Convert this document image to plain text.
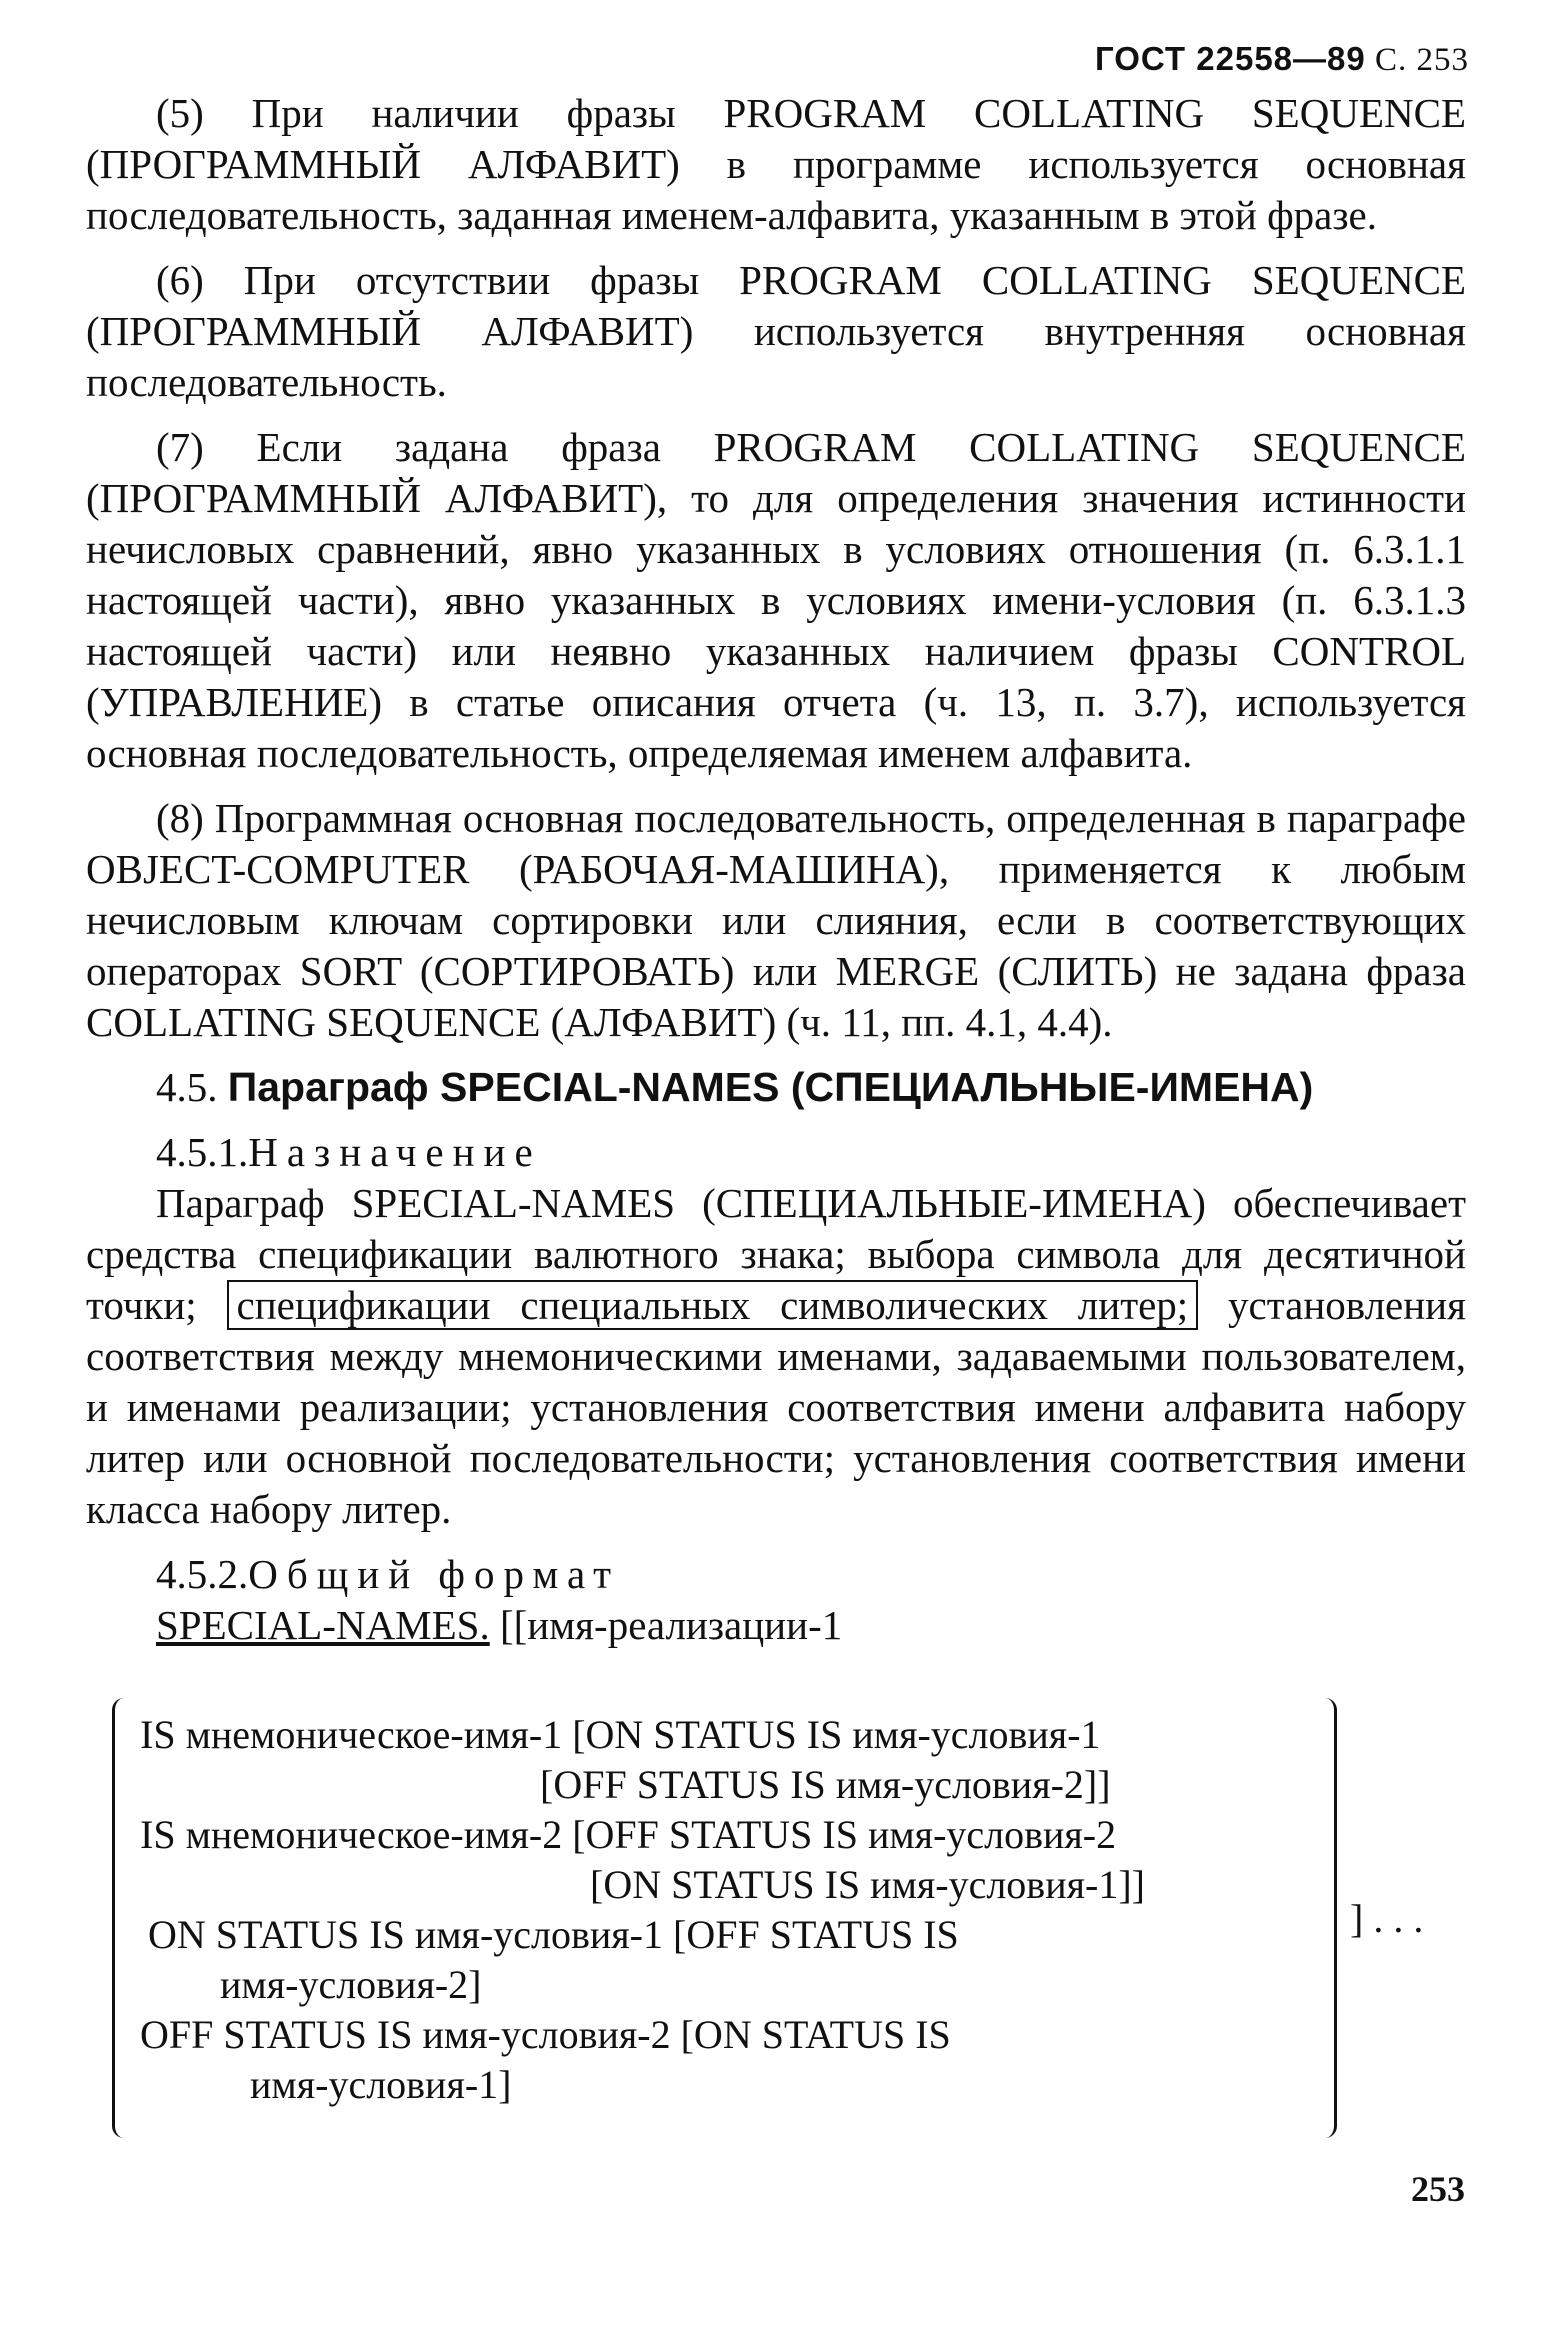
ГОСТ 22558—89 С. 253

(5) При наличии фразы PROGRAM COLLATING SEQUENCE (ПРОГРАММНЫЙ АЛФАВИТ) в программе используется основная последовательность, заданная именем-алфавита, указанным в этой фразе.

(6) При отсутствии фразы PROGRAM COLLATING SEQUENCE (ПРОГРАММНЫЙ АЛФАВИТ) используется внутренняя основная последовательность.

(7) Если задана фраза PROGRAM COLLATING SEQUENCE (ПРОГРАММНЫЙ АЛФАВИТ), то для определения значения истинности нечисловых сравнений, явно указанных в условиях отношения (п. 6.3.1.1 настоящей части), явно указанных в условиях имени-условия (п. 6.3.1.3 настоящей части) или неявно указанных наличием фразы CONTROL (УПРАВЛЕНИЕ) в статье описания отчета (ч. 13, п. 3.7), используется основная последовательность, определяемая именем алфавита.

(8) Программная основная последовательность, определенная в параграфе OBJECT-COMPUTER (РАБОЧАЯ-МАШИНА), применяется к любым нечисловым ключам сортировки или слияния, если в соответствующих операторах SORT (СОРТИРОВАТЬ) или MERGE (СЛИТЬ) не задана фраза COLLATING SEQUENCE (АЛФАВИТ) (ч. 11, пп. 4.1, 4.4).

4.5. Параграф SPECIAL-NAMES (СПЕЦИАЛЬНЫЕ-ИМЕНА)

4.5.1.Назначение

Параграф SPECIAL-NAMES (СПЕЦИАЛЬНЫЕ-ИМЕНА) обеспечивает средства спецификации валютного знака; выбора символа для десятичной точки; спецификации специальных символических литер; установления соответствия между мнемоническими именами, задаваемыми пользователем, и именами реализации; установления соответствия имени алфавита набору литер или основной последовательности; установления соответствия имени класса набору литер.

4.5.2.Общий формат

SPECIAL-NAMES. [[имя-реализации-1

IS мнемоническое-имя-1 [ON STATUS IS имя-условия-1
[OFF STATUS IS имя-условия-2]]
IS мнемоническое-имя-2 [OFF STATUS IS имя-условия-2
[ON STATUS IS имя-условия-1]]
ON STATUS IS имя-условия-1 [OFF STATUS IS
имя-условия-2]
OFF STATUS IS имя-условия-2 [ON STATUS IS
имя-условия-1]
] . . .
253
